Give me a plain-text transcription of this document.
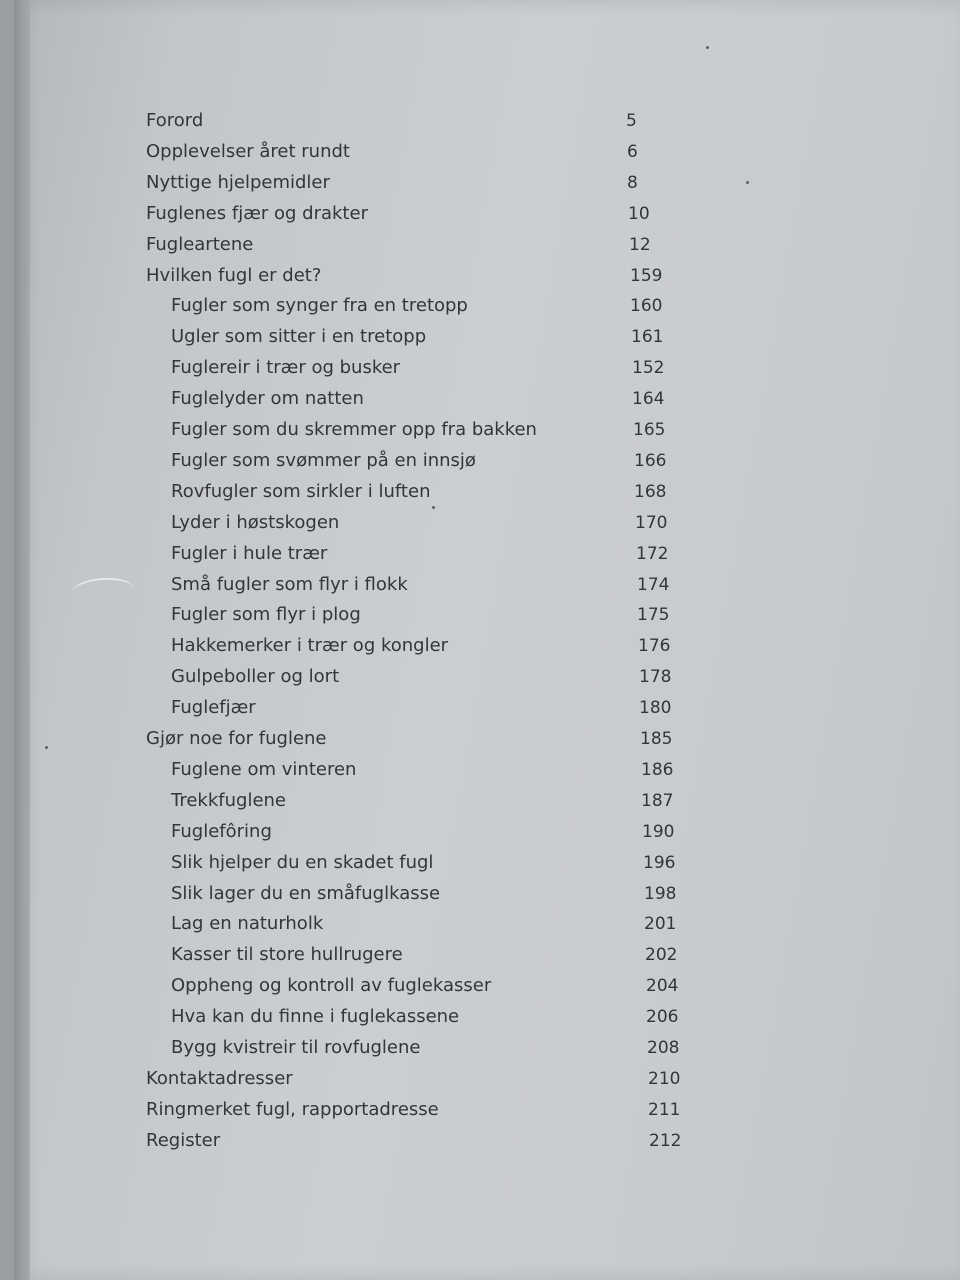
Forord	5
Opplevelser året rundt	6
Nyttige hjelpemidler	8
Fuglenes fjær og drakter	10
Fugleartene	12
Hvilken fugl er det?	159
Fugler som synger fra en tretopp	160
Ugler som sitter i en tretopp	161
Fuglereir i trær og busker	152
Fuglelyder om natten	164
Fugler som du skremmer opp fra bakken	165
Fugler som svømmer på en innsjø	166
Rovfugler som sirkler i luften	168
Lyder i høstskogen	170
Fugler i hule trær	172
Små fugler som flyr i flokk	174
Fugler som flyr i plog	175
Hakkemerker i trær og kongler	176
Gulpeboller og lort	178
Fuglefjær	180
Gjør noe for fuglene	185
Fuglene om vinteren	186
Trekkfuglene	187
Fuglefôring	190
Slik hjelper du en skadet fugl	196
Slik lager du en småfuglkasse	198
Lag en naturholk	201
Kasser til store hullrugere	202
Oppheng og kontroll av fuglekasser	204
Hva kan du finne i fuglekassene	206
Bygg kvistreir til rovfuglene	208
Kontaktadresser	210
Ringmerket fugl, rapportadresse	211
Register	212
